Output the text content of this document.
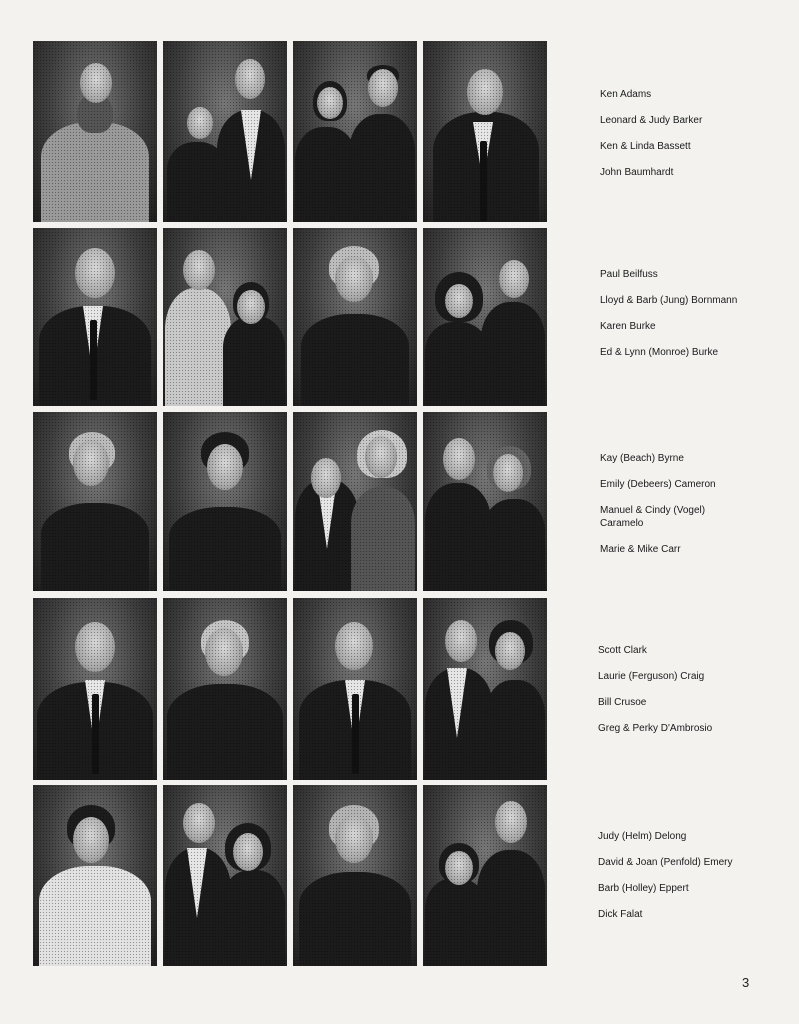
Ken Adams
Leonard & Judy Barker
Ken & Linda Bassett
John Baumhardt
Paul Beilfuss
Lloyd & Barb (Jung) Bornmann
Karen Burke
Ed & Lynn (Monroe) Burke
Kay (Beach) Byrne
Emily (Debeers) Cameron
Manuel & Cindy (Vogel) Caramelo
Marie & Mike Carr
Scott Clark
Laurie (Ferguson) Craig
Bill Crusoe
Greg & Perky D'Ambrosio
Judy (Helm) Delong
David & Joan (Penfold) Emery
Barb (Holley) Eppert
Dick Falat
3
